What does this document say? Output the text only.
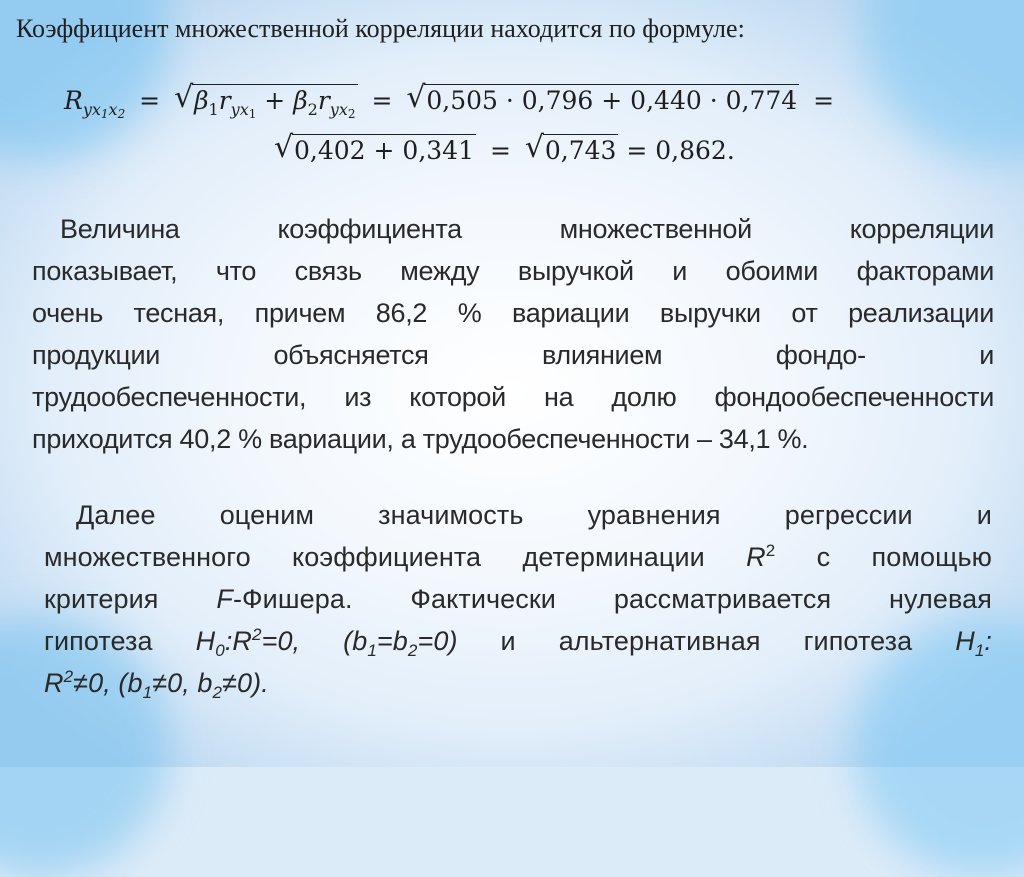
Коэффициент множественной корреляции находится по формуле:
$R_{yx_1x_2}$ = √ $\beta_1r_{yx_1} + \beta_2r_{yx_2}$ = √ 0,505 · 0,796 + 0,440 · 0,774 =
√ 0,402 + 0,341 = √ 0,743 = 0,862.
Величина коэффициента множественной корреляции
показывает, что связь между выручкой и обоими факторами
очень тесная, причем 86,2 % вариации выручки от реализации
продукции объясняется влиянием фондо- и
трудообеспеченности, из которой на долю фондообеспеченности
приходится 40,2 % вариации, а трудообеспеченности – 34,1 %.
Далее оценим значимость уравнения регрессии и
множественного коэффициента детерминации $R^2$ с помощью
критерия F-Фишера. Фактически рассматривается нулевая
гипотеза $H_0:R^2=0$, $(b_1=b_2=0)$ и альтернативная гипотеза $H_1$:
$R^2\ne 0$, ($b_1\ne 0$, $b_2\ne 0$).
